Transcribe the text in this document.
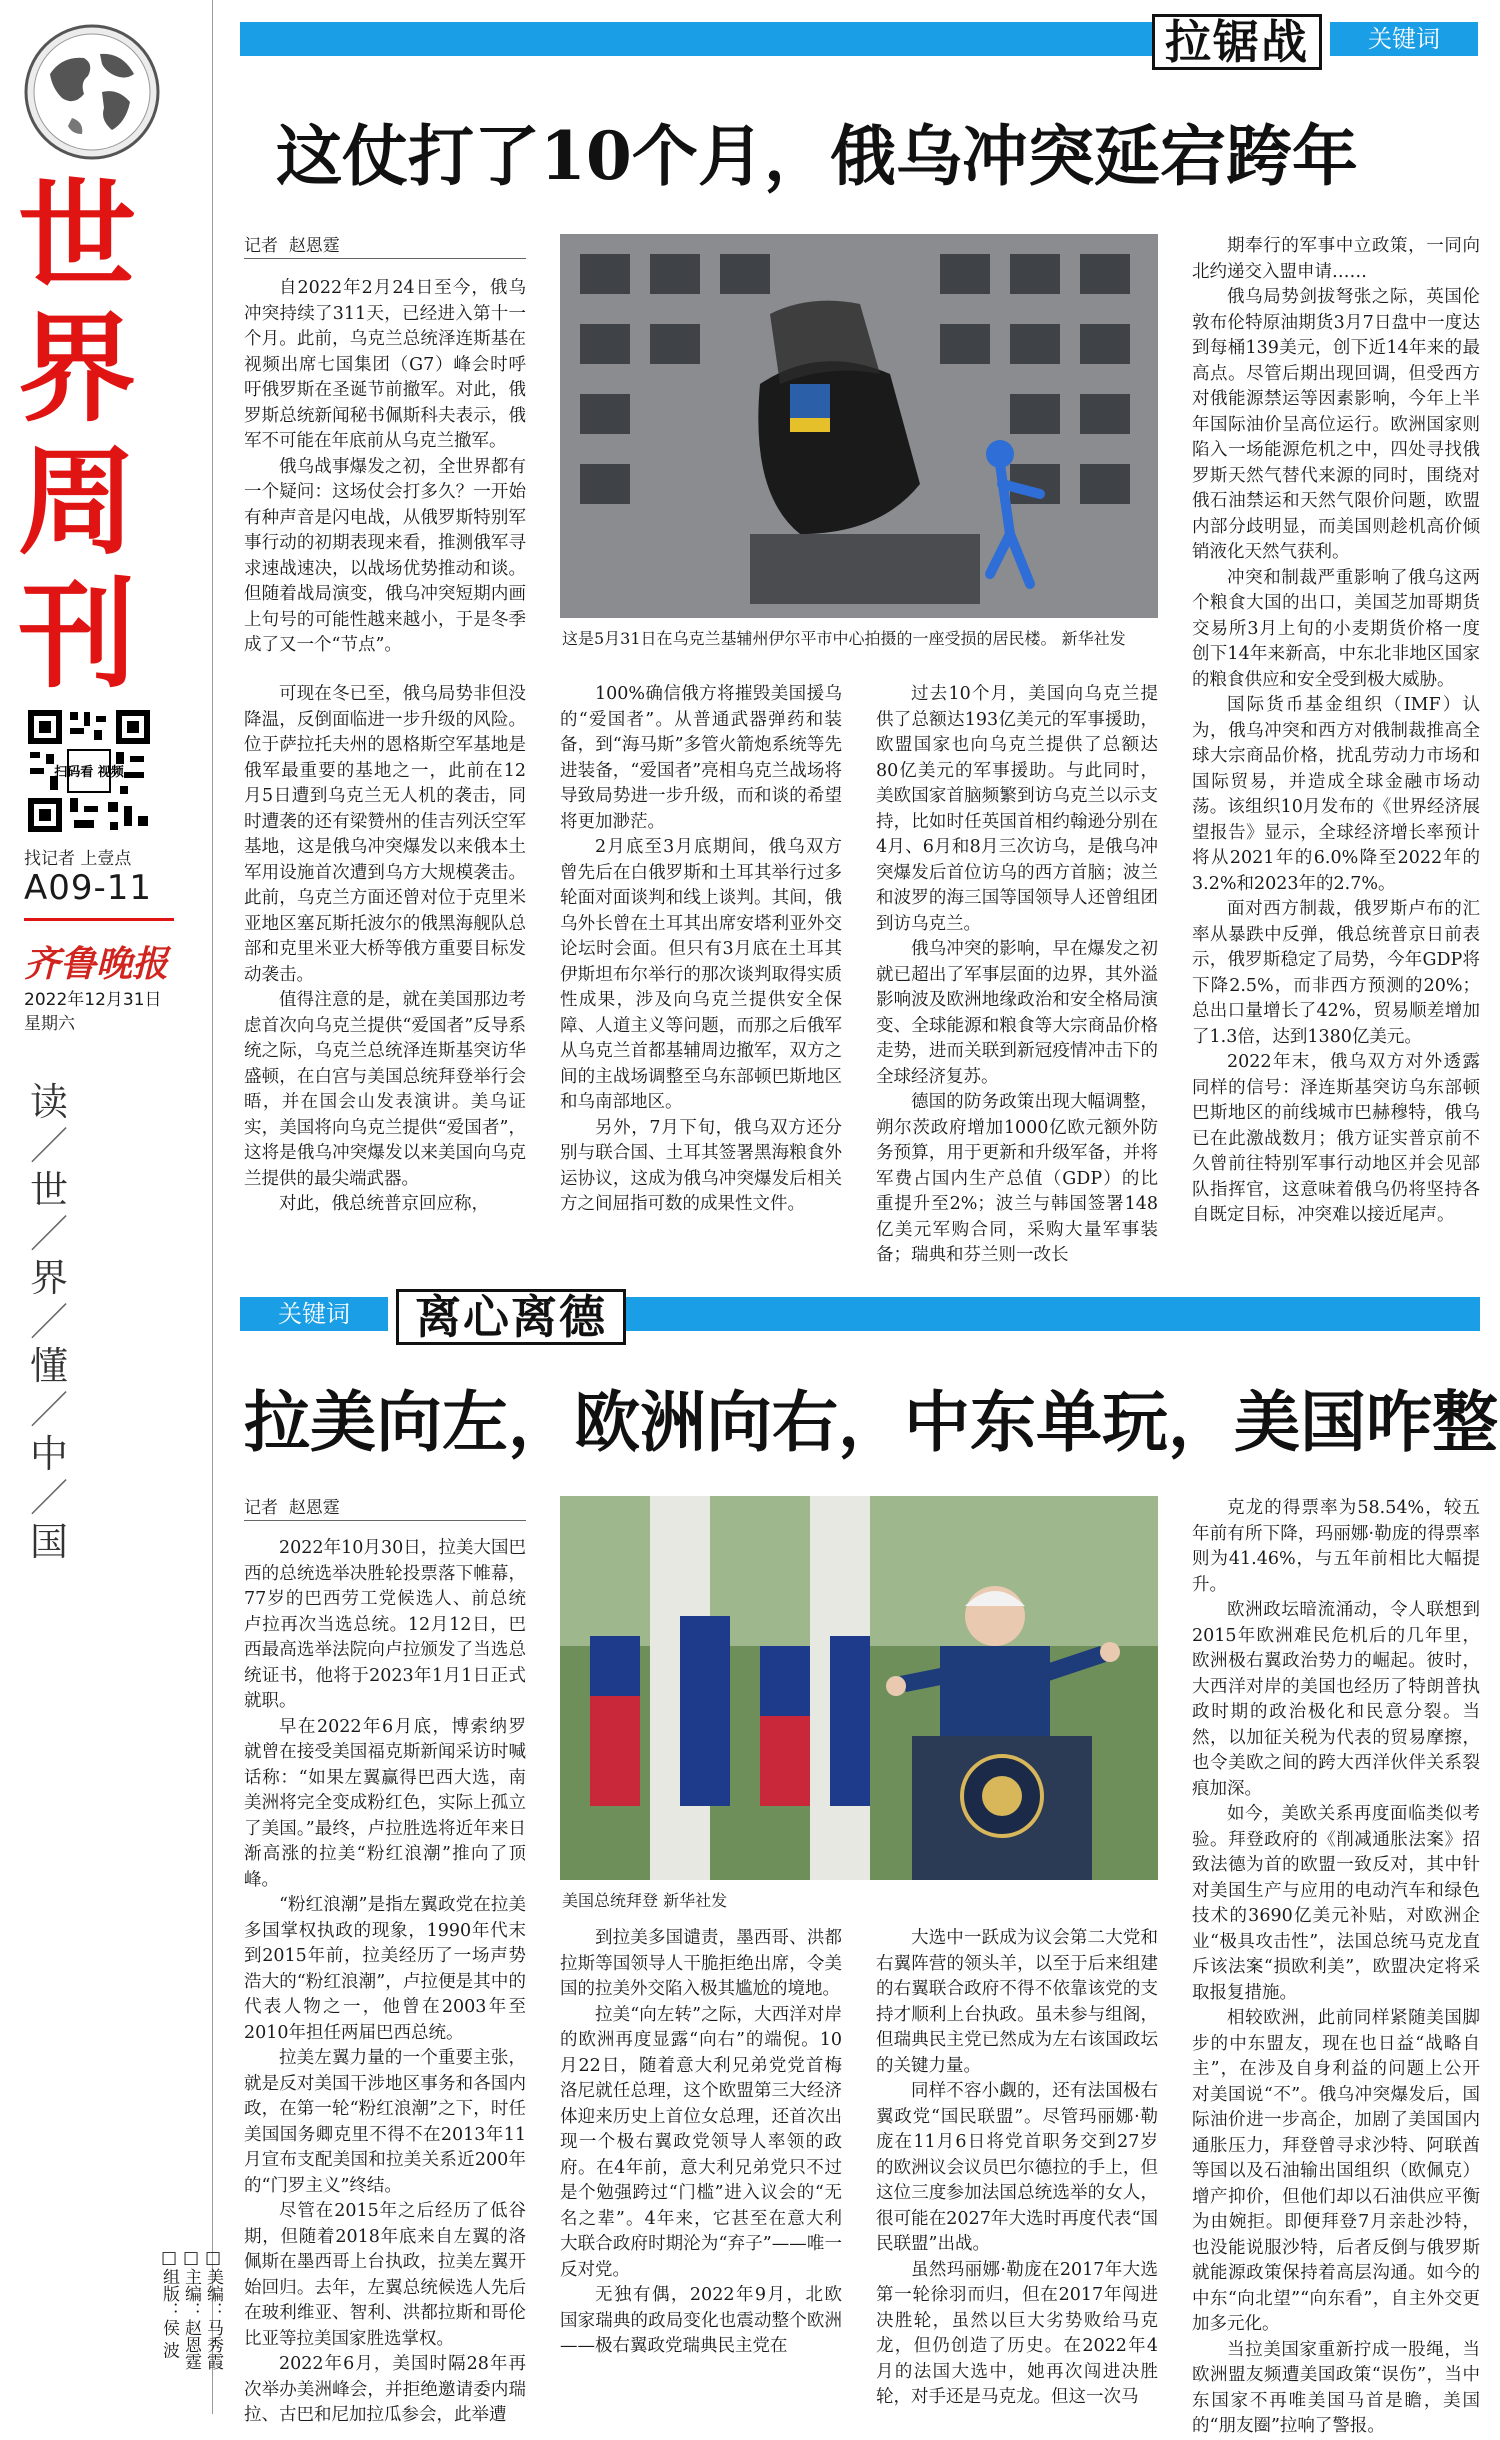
世界
周刊
扫码看 视频
找记者 上壹点
A09-11
齐鲁晚报
2022年12月31日
星期六
读
／
世
／
界
／
懂
／
中
／
国
□美编：马秀霞
□主编：赵恩霆
□组版：侯 波
拉锯战	关键词
这仗打了10个月，俄乌冲突延宕跨年
记者 赵恩霆

自2022年2月24日至今，俄乌冲突持续了311天，已经进入第十一个月。此前，乌克兰总统泽连斯基在视频出席七国集团（G7）峰会时呼吁俄罗斯在圣诞节前撤军。对此，俄罗斯总统新闻秘书佩斯科夫表示，俄军不可能在年底前从乌克兰撤军。

俄乌战事爆发之初，全世界都有一个疑问：这场仗会打多久？一开始有种声音是闪电战，从俄罗斯特别军事行动的初期表现来看，推测俄军寻求速战速决，以战场优势推动和谈。但随着战局演变，俄乌冲突短期内画上句号的可能性越来越小，于是冬季成了又一个“节点”。	这是5月31日在乌克兰基辅州伊尔平市中心拍摄的一座受损的居民楼。 新华社发

可现在冬已至，俄乌局势非但没降温，反倒面临进一步升级的风险。位于萨拉托夫州的恩格斯空军基地是俄军最重要的基地之一，此前在12月5日遭到乌克兰无人机的袭击，同时遭袭的还有梁赞州的佳吉列沃空军基地，这是俄乌冲突爆发以来俄本土军用设施首次遭到乌方大规模袭击。此前，乌克兰方面还曾对位于克里米亚地区塞瓦斯托波尔的俄黑海舰队总部和克里米亚大桥等俄方重要目标发动袭击。

值得注意的是，就在美国那边考虑首次向乌克兰提供“爱国者”反导系统之际，乌克兰总统泽连斯基突访华盛顿，在白宫与美国总统拜登举行会晤，并在国会山发表演讲。美乌证实，美国将向乌克兰提供“爱国者”，这将是俄乌冲突爆发以来美国向乌克兰提供的最尖端武器。

对此，俄总统普京回应称，

100%确信俄方将摧毁美国援乌的“爱国者”。从普通武器弹药和装备，到“海马斯”多管火箭炮系统等先进装备，“爱国者”亮相乌克兰战场将导致局势进一步升级，而和谈的希望将更加渺茫。

2月底至3月底期间，俄乌双方曾先后在白俄罗斯和土耳其举行过多轮面对面谈判和线上谈判。其间，俄乌外长曾在土耳其出席安塔利亚外交论坛时会面。但只有3月底在土耳其伊斯坦布尔举行的那次谈判取得实质性成果，涉及向乌克兰提供安全保障、人道主义等问题，而那之后俄军从乌克兰首都基辅周边撤军，双方之间的主战场调整至乌东部顿巴斯地区和乌南部地区。

另外，7月下旬，俄乌双方还分别与联合国、土耳其签署黑海粮食外运协议，这成为俄乌冲突爆发后相关方之间屈指可数的成果性文件。

过去10个月，美国向乌克兰提供了总额达193亿美元的军事援助，欧盟国家也向乌克兰提供了总额达80亿美元的军事援助。与此同时，美欧国家首脑频繁到访乌克兰以示支持，比如时任英国首相约翰逊分别在4月、6月和8月三次访乌，是俄乌冲突爆发后首位访乌的西方首脑；波兰和波罗的海三国等国领导人还曾组团到访乌克兰。

俄乌冲突的影响，早在爆发之初就已超出了军事层面的边界，其外溢影响波及欧洲地缘政治和安全格局演变、全球能源和粮食等大宗商品价格走势，进而关联到新冠疫情冲击下的全球经济复苏。

德国的防务政策出现大幅调整，朔尔茨政府增加1000亿欧元额外防务预算，用于更新和升级军备，并将军费占国内生产总值（GDP）的比重提升至2%；波兰与韩国签署148亿美元军购合同，采购大量军事装备；瑞典和芬兰则一改长

期奉行的军事中立政策，一同向北约递交入盟申请……

俄乌局势剑拔弩张之际，英国伦敦布伦特原油期货3月7日盘中一度达到每桶139美元，创下近14年来的最高点。尽管后期出现回调，但受西方对俄能源禁运等因素影响，今年上半年国际油价呈高位运行。欧洲国家则陷入一场能源危机之中，四处寻找俄罗斯天然气替代来源的同时，围绕对俄石油禁运和天然气限价问题，欧盟内部分歧明显，而美国则趁机高价倾销液化天然气获利。

冲突和制裁严重影响了俄乌这两个粮食大国的出口，美国芝加哥期货交易所3月上旬的小麦期货价格一度创下14年来新高，中东北非地区国家的粮食供应和安全受到极大威胁。

国际货币基金组织（IMF）认为，俄乌冲突和西方对俄制裁推高全球大宗商品价格，扰乱劳动力市场和国际贸易，并造成全球金融市场动荡。该组织10月发布的《世界经济展望报告》显示，全球经济增长率预计将从2021年的6.0%降至2022年的3.2%和2023年的2.7%。

面对西方制裁，俄罗斯卢布的汇率从暴跌中反弹，俄总统普京日前表示，俄罗斯稳定了局势，今年GDP将下降2.5%，而非西方预测的20%；总出口量增长了42%，贸易顺差增加了1.3倍，达到1380亿美元。

2022年末，俄乌双方对外透露同样的信号：泽连斯基突访乌东部顿巴斯地区的前线城市巴赫穆特，俄乌已在此激战数月；俄方证实普京前不久曾前往特别军事行动地区并会见部队指挥官，这意味着俄乌仍将坚持各自既定目标，冲突难以接近尾声。

关键词	离心离德
拉美向左，欧洲向右，中东单玩，美国咋整
记者 赵恩霆

2022年10月30日，拉美大国巴西的总统选举决胜轮投票落下帷幕，77岁的巴西劳工党候选人、前总统卢拉再次当选总统。12月12日，巴西最高选举法院向卢拉颁发了当选总统证书，他将于2023年1月1日正式就职。

早在2022年6月底，博索纳罗就曾在接受美国福克斯新闻采访时喊话称：“如果左翼赢得巴西大选，南美洲将完全变成粉红色，实际上孤立了美国。”最终，卢拉胜选将近年来日渐高涨的拉美“粉红浪潮”推向了顶峰。

“粉红浪潮”是指左翼政党在拉美多国掌权执政的现象，1990年代末到2015年前，拉美经历了一场声势浩大的“粉红浪潮”，卢拉便是其中的代表人物之一，他曾在2003年至2010年担任两届巴西总统。

拉美左翼力量的一个重要主张，就是反对美国干涉地区事务和各国内政，在第一轮“粉红浪潮”之下，时任美国国务卿克里不得不在2013年11月宣布支配美国和拉美关系近200年的“门罗主义”终结。

尽管在2015年之后经历了低谷期，但随着2018年底来自左翼的洛佩斯在墨西哥上台执政，拉美左翼开始回归。去年，左翼总统候选人先后在玻利维亚、智利、洪都拉斯和哥伦比亚等拉美国家胜选掌权。

2022年6月，美国时隔28年再次举办美洲峰会，并拒绝邀请委内瑞拉、古巴和尼加拉瓜参会，此举遭

美国总统拜登 新华社发

到拉美多国谴责，墨西哥、洪都拉斯等国领导人干脆拒绝出席，令美国的拉美外交陷入极其尴尬的境地。

拉美“向左转”之际，大西洋对岸的欧洲再度显露“向右”的端倪。10月22日，随着意大利兄弟党党首梅洛尼就任总理，这个欧盟第三大经济体迎来历史上首位女总理，还首次出现一个极右翼政党领导人率领的政府。在4年前，意大利兄弟党只不过是个勉强跨过“门槛”进入议会的“无名之辈”。4年来，它甚至在意大利大联合政府时期沦为“弃子”——唯一反对党。

无独有偶，2022年9月，北欧国家瑞典的政局变化也震动整个欧洲——极右翼政党瑞典民主党在

大选中一跃成为议会第二大党和右翼阵营的领头羊，以至于后来组建的右翼联合政府不得不依靠该党的支持才顺利上台执政。虽未参与组阁，但瑞典民主党已然成为左右该国政坛的关键力量。

同样不容小觑的，还有法国极右翼政党“国民联盟”。尽管玛丽娜·勒庞在11月6日将党首职务交到27岁的欧洲议会议员巴尔德拉的手上，但这位三度参加法国总统选举的女人，很可能在2027年大选时再度代表“国民联盟”出战。

虽然玛丽娜·勒庞在2017年大选第一轮徐羽而归，但在2017年闯进决胜轮，虽然以巨大劣势败给马克龙，但仍创造了历史。在2022年4月的法国大选中，她再次闯进决胜轮，对手还是马克龙。但这一次马

克龙的得票率为58.54%，较五年前有所下降，玛丽娜·勒庞的得票率则为41.46%，与五年前相比大幅提升。

欧洲政坛暗流涌动，令人联想到2015年欧洲难民危机后的几年里，欧洲极右翼政治势力的崛起。彼时，大西洋对岸的美国也经历了特朗普执政时期的政治极化和民意分裂。当然，以加征关税为代表的贸易摩擦，也令美欧之间的跨大西洋伙伴关系裂痕加深。

如今，美欧关系再度面临类似考验。拜登政府的《削减通胀法案》招致法德为首的欧盟一致反对，其中针对美国生产与应用的电动汽车和绿色技术的3690亿美元补贴，对欧洲企业“极具攻击性”，法国总统马克龙直斥该法案“损欧利美”，欧盟决定将采取报复措施。

相较欧洲，此前同样紧随美国脚步的中东盟友，现在也日益“战略自主”，在涉及自身利益的问题上公开对美国说“不”。俄乌冲突爆发后，国际油价进一步高企，加剧了美国国内通胀压力，拜登曾寻求沙特、阿联酋等国以及石油输出国组织（欧佩克）增产抑价，但他们却以石油供应平衡为由婉拒。即便拜登7月亲赴沙特，也没能说服沙特，后者反倒与俄罗斯就能源政策保持着高层沟通。如今的中东“向北望”“向东看”，自主外交更加多元化。

当拉美国家重新拧成一股绳，当欧洲盟友频遭美国政策“误伤”，当中东国家不再唯美国马首是瞻，美国的“朋友圈”拉响了警报。
